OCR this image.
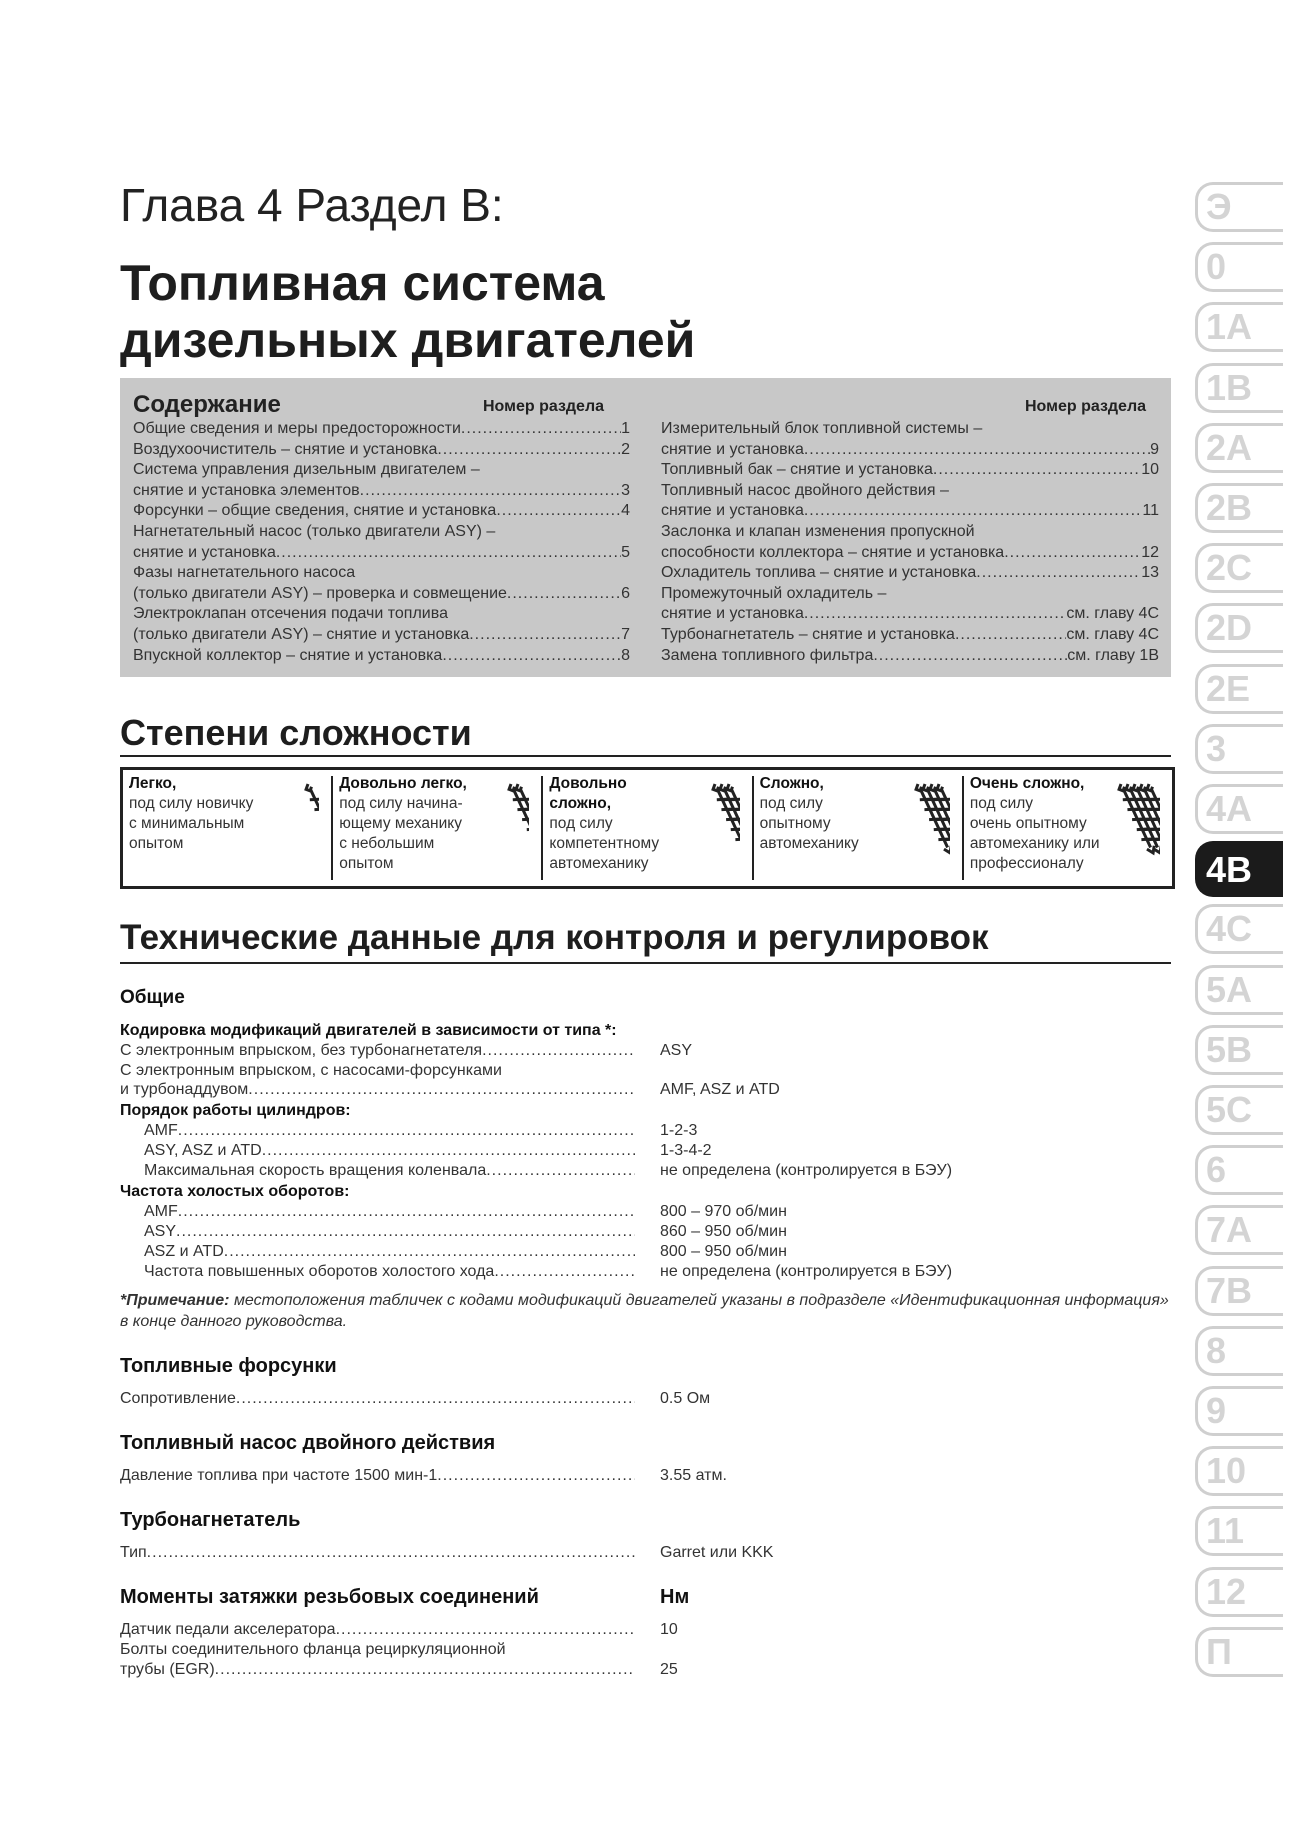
Глава 4 Раздел B:
Топливная система
дизельных двигателей
Содержание	Номер раздела	Номер раздела
Общие сведения и меры предосторожности .....	1
Воздухоочиститель – снятие и установка .....	2
Система управления дизельным двигателем –
снятие и установка элементов .....	3
Форсунки – общие сведения, снятие и установка .....	4
Нагнетательный насос (только двигатели ASY) –
снятие и установка .....	5
Фазы нагнетательного насоса
(только двигатели ASY) – проверка и совмещение .....	6
Электроклапан отсечения подачи топлива
(только двигатели ASY) – снятие и установка .....	7
Впускной коллектор – снятие и установка .....	8
Измерительный блок топливной системы –
снятие и установка .....	9
Топливный бак – снятие и установка .....	10
Топливный насос двойного действия –
снятие и установка .....	11
Заслонка и клапан изменения пропускной
способности коллектора – снятие и установка .....	12
Охладитель топлива – снятие и установка .....	13
Промежуточный охладитель –
снятие и установка .....	см. главу 4C
Турбонагнетатель – снятие и установка .....	см. главу 4C
Замена топливного фильтра .....	см. главу 1B
Степени сложности
Легко,
под силу новичку
с минимальным
опытом

Довольно легко,
под силу начина-
ющему механику
с небольшим
опытом

Довольно
сложно,
под силу
компетентному
автомеханику

Сложно,
под силу
опытному
автомеханику

Очень сложно,
под силу
очень опытному
автомеханику или
профессионалу

Технические данные для контроля и регулировок
Общие
Кодировка модификаций двигателей в зависимости от типа *:
Порядок работы цилиндров:
Частота холостых оборотов:
С электронным впрыском, без турбонагнетателя .....	ASY
С электронным впрыском, с насосами-форсунками
и турбонаддувом .....	AMF, ASZ и ATD
AMF .....	1-2-3
ASY, ASZ и ATD .....	1-3-4-2
Максимальная скорость вращения коленвала .....	не определена (контролируется в БЭУ)
AMF .....	800 – 970 об/мин
ASY .....	860 – 950 об/мин
ASZ и ATD .....	800 – 950 об/мин
Частота повышенных оборотов холостого хода .....	не определена (контролируется в БЭУ)
Сопротивление .....	0.5 Ом
Давление топлива при частоте 1500 мин-1 .....	3.55 атм.
Тип .....	Garret или KKK
Датчик педали акселератора .....	10
Болты соединительного фланца рециркуляционной
трубы (EGR) .....	25
*Примечание: местоположения табличек с кодами модификаций двигателей указаны в подразделе «Идентификационная информация» в конце данного руководства.
Топливные форсунки
Топливный насос двойного действия
Турбонагнетатель
Моменты затяжки резьбовых соединений	Нм
Э
0
1A
1B
2A
2B
2C
2D
2E
3
4A
4B
4C
5A
5B
5C
6
7A
7B
8
9
10
11
12
П
